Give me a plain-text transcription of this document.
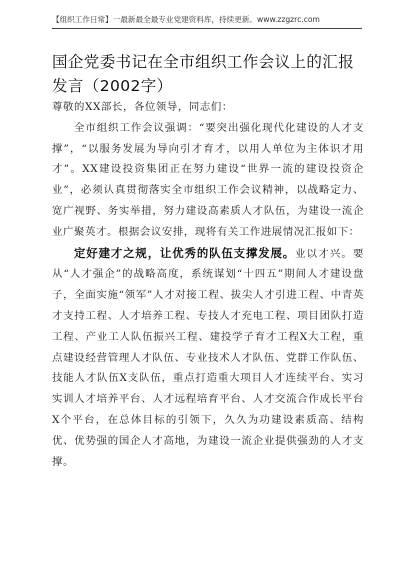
【组织工作日常】一最新最全最专业党建资料库，持续更新。www.zzgzrc.com
国企党委书记在全市组织工作会议上的汇报发言（2002字）

尊敬的XX部长，各位领导，同志们：

全市组织工作会议强调：“要突出强化现代化建设的人才支撑”，“以服务发展为导向引才育才，以用人单位为主体识才用才”。XX建设投资集团正在努力建设“世界一流的建设投资企业”，必须认真贯彻落实全市组织工作会议精神，以战略定力、宽广视野、务实举措，努力建设高素质人才队伍，为建设一流企业广聚英才。根据会议安排，现将有关工作进展情况汇报如下：

定好建才之规，让优秀的队伍支撑发展。业以才兴。要从“人才强企”的战略高度，系统谋划“十四五”期间人才建设盘子，全面实施“领军”人才对接工程、拔尖人才引进工程、中青英才支持工程、人才培养工程、专技人才充电工程、项目团队打造工程、产业工人队伍振兴工程、建投学子育才工程X大工程，重点建设经营管理人才队伍、专业技术人才队伍、党群工作队伍、技能人才队伍X支队伍，重点打造重大项目人才连续平台、实习实训人才培养平台、人才远程培育平台、人才交流合作成长平台X个平台，在总体目标的引领下，久久为功建设素质高、结构优、优势强的国企人才高地，为建设一流企业提供强劲的人才支撑。
